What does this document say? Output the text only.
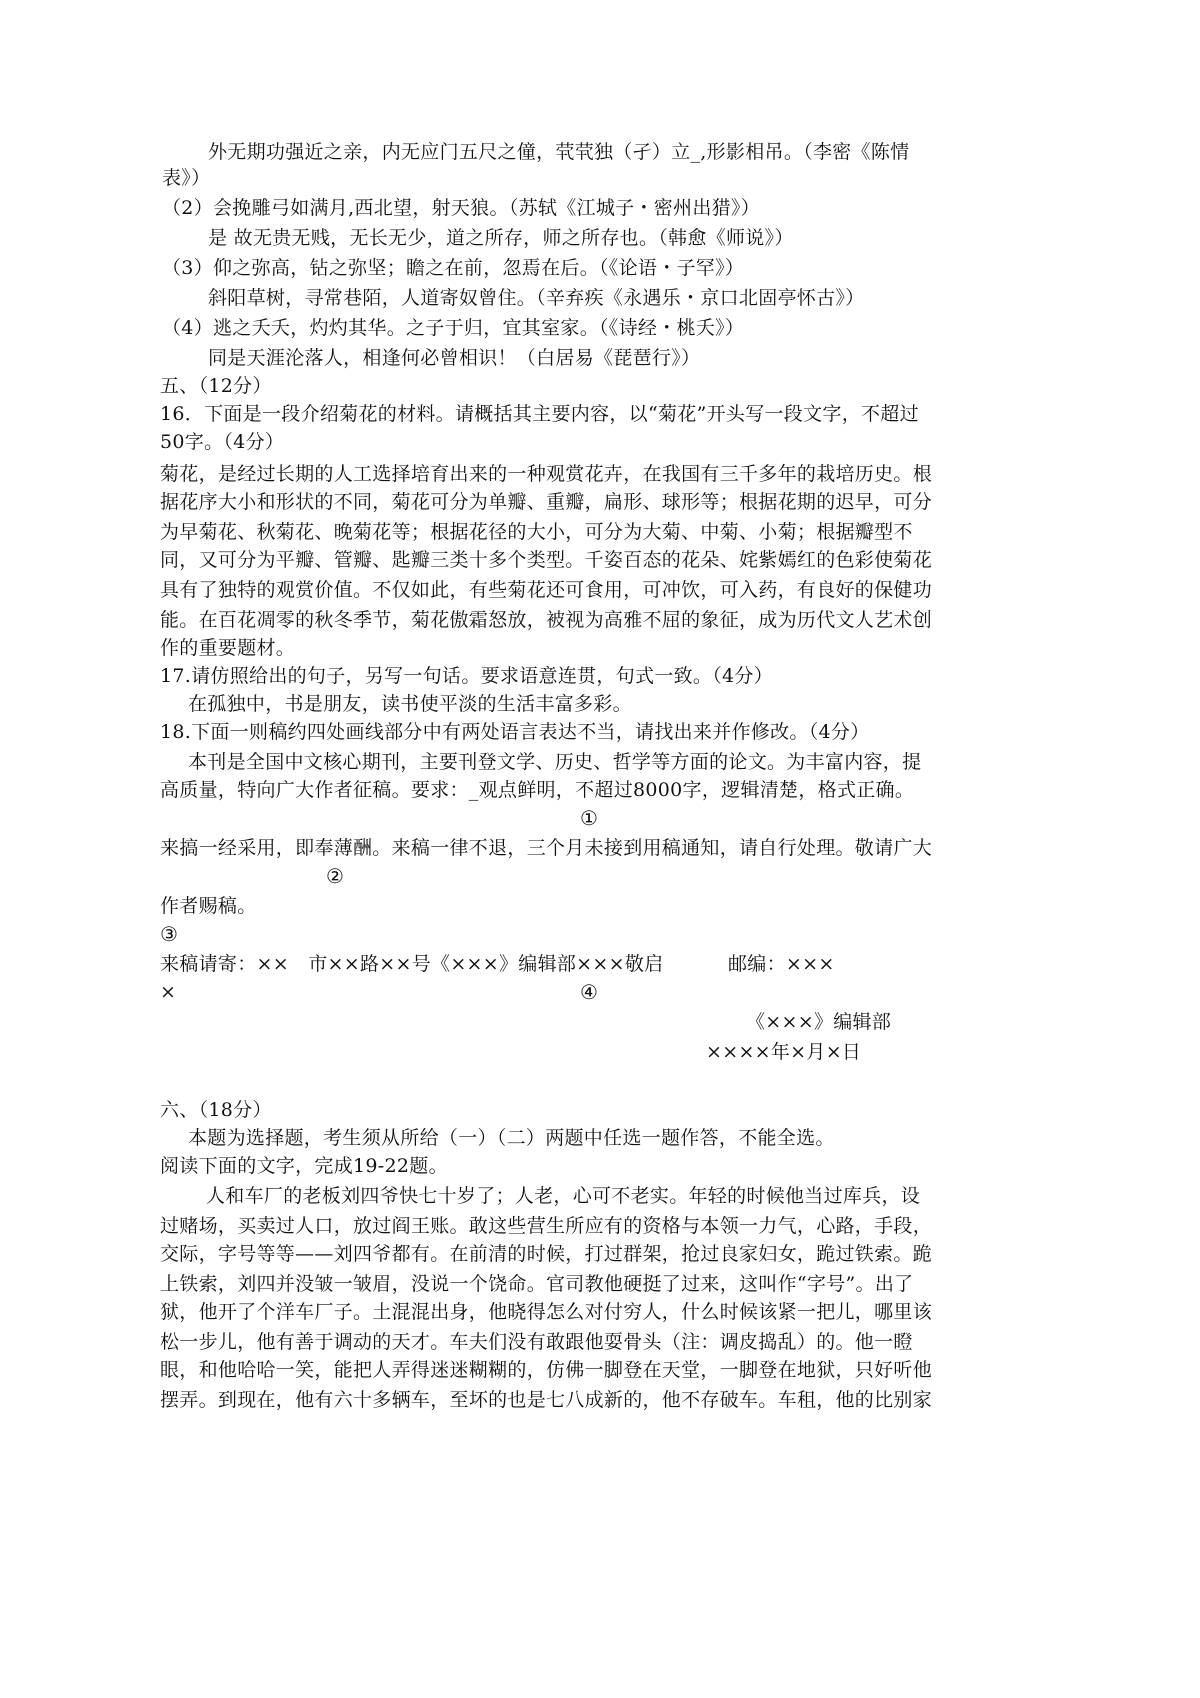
外无期功强近之亲，内无应门五尺之僮，茕茕独（孑）立_,形影相吊。（李密《陈情
表》）
（2）会挽雕弓如满月,西北望，射天狼。（苏轼《江城子・密州出猎》）
是 故无贵无贱，无长无少，道之所存，师之所存也。（韩愈《师说》）
（3）仰之弥高，钻之弥坚；瞻之在前，忽焉在后。（《论语・子罕》）
斜阳草树，寻常巷陌，人道寄奴曾住。（辛弃疾《永遇乐・京口北固亭怀古》）
（4）逃之夭夭，灼灼其华。之子于归，宜其室家。（《诗经・桃夭》）
同是天涯沦落人，相逢何必曾相识！（白居易《琵琶行》）
五、（12分）
16．下面是一段介绍菊花的材料。请概括其主要内容，以“菊花”开头写一段文字，不超过
50字。（4分）
菊花，是经过长期的人工选择培育出来的一种观赏花卉，在我国有三千多年的栽培历史。根
据花序大小和形状的不同，菊花可分为单瓣、重瓣，扁形、球形等；根据花期的迟早，可分
为早菊花、秋菊花、晚菊花等；根据花径的大小，可分为大菊、中菊、小菊；根据瓣型不
同，又可分为平瓣、管瓣、匙瓣三类十多个类型。千姿百态的花朵、姹紫嫣红的色彩使菊花
具有了独特的观赏价值。不仅如此，有些菊花还可食用，可冲饮，可入药，有良好的保健功
能。在百花凋零的秋冬季节，菊花傲霜怒放，被视为高雅不屈的象征，成为历代文人艺术创
作的重要题材。
17.请仿照给出的句子，另写一句话。要求语意连贯，句式一致。（4分）
在孤独中，书是朋友，读书使平淡的生活丰富多彩。
18.下面一则稿约四处画线部分中有两处语言表达不当，请找出来并作修改。（4分）
本刊是全国中文核心期刊，主要刊登文学、历史、哲学等方面的论文。为丰富内容，提
高质量，特向广大作者征稿。要求：_观点鲜明，不超过8000字，逻辑清楚，格式正确。
①
来搞一经采用，即奉薄酬。来稿一律不退，三个月未接到用稿通知，请自行处理。敬请广大
②
作者赐稿。
③
来稿请寄：××　市××路××号《×××》编辑部×××敬启	邮编：×××
×	④
《×××》编辑部
××××年×月×日
六、（18分）
本题为选择题，考生须从所给（一）（二）两题中任选一题作答，不能全选。
阅读下面的文字，完成19-22题。
人和车厂的老板刘四爷快七十岁了；人老，心可不老实。年轻的时候他当过库兵，设
过赌场，买卖过人口，放过阎王账。敢这些营生所应有的资格与本领一力气，心路，手段，
交际，字号等等——刘四爷都有。在前清的时候，打过群架，抢过良家妇女，跪过铁索。跪
上铁索，刘四并没皱一皱眉，没说一个饶命。官司教他硬挺了过来，这叫作“字号”。出了
狱，他开了个洋车厂子。土混混出身，他晓得怎么对付穷人，什么时候该紧一把儿，哪里该
松一步儿，他有善于调动的天才。车夫们没有敢跟他耍骨头（注：调皮捣乱）的。他一瞪
眼，和他哈哈一笑，能把人弄得迷迷糊糊的，仿佛一脚登在天堂，一脚登在地狱，只好听他
摆弄。到现在，他有六十多辆车，至坏的也是七八成新的，他不存破车。车租，他的比别家
